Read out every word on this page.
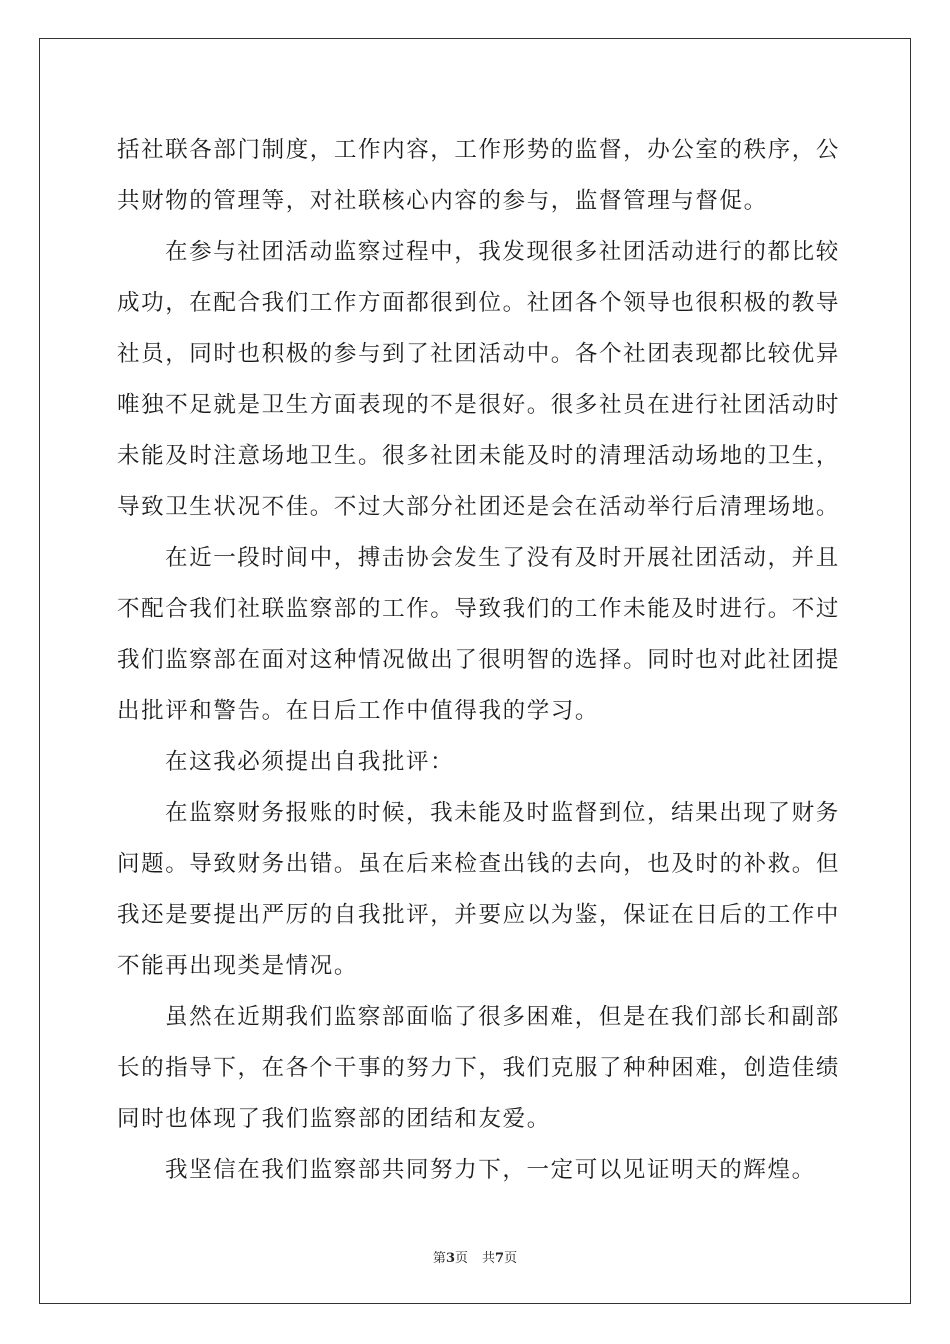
括社联各部门制度，工作内容，工作形势的监督，办公室的秩序，公
共财物的管理等，对社联核心内容的参与，监督管理与督促。
在参与社团活动监察过程中，我发现很多社团活动进行的都比较
成功，在配合我们工作方面都很到位。社团各个领导也很积极的教导
社员，同时也积极的参与到了社团活动中。各个社团表现都比较优异
唯独不足就是卫生方面表现的不是很好。很多社员在进行社团活动时
未能及时注意场地卫生。很多社团未能及时的清理活动场地的卫生，
导致卫生状况不佳。不过大部分社团还是会在活动举行后清理场地。
在近一段时间中，搏击协会发生了没有及时开展社团活动，并且
不配合我们社联监察部的工作。导致我们的工作未能及时进行。不过
我们监察部在面对这种情况做出了很明智的选择。同时也对此社团提
出批评和警告。在日后工作中值得我的学习。
在这我必须提出自我批评：
在监察财务报账的时候，我未能及时监督到位，结果出现了财务
问题。导致财务出错。虽在后来检查出钱的去向，也及时的补救。但
我还是要提出严厉的自我批评，并要应以为鉴，保证在日后的工作中
不能再出现类是情况。
虽然在近期我们监察部面临了很多困难，但是在我们部长和副部
长的指导下，在各个干事的努力下，我们克服了种种困难，创造佳绩
同时也体现了我们监察部的团结和友爱。
我坚信在我们监察部共同努力下，一定可以见证明天的辉煌。
第3页 共7页
